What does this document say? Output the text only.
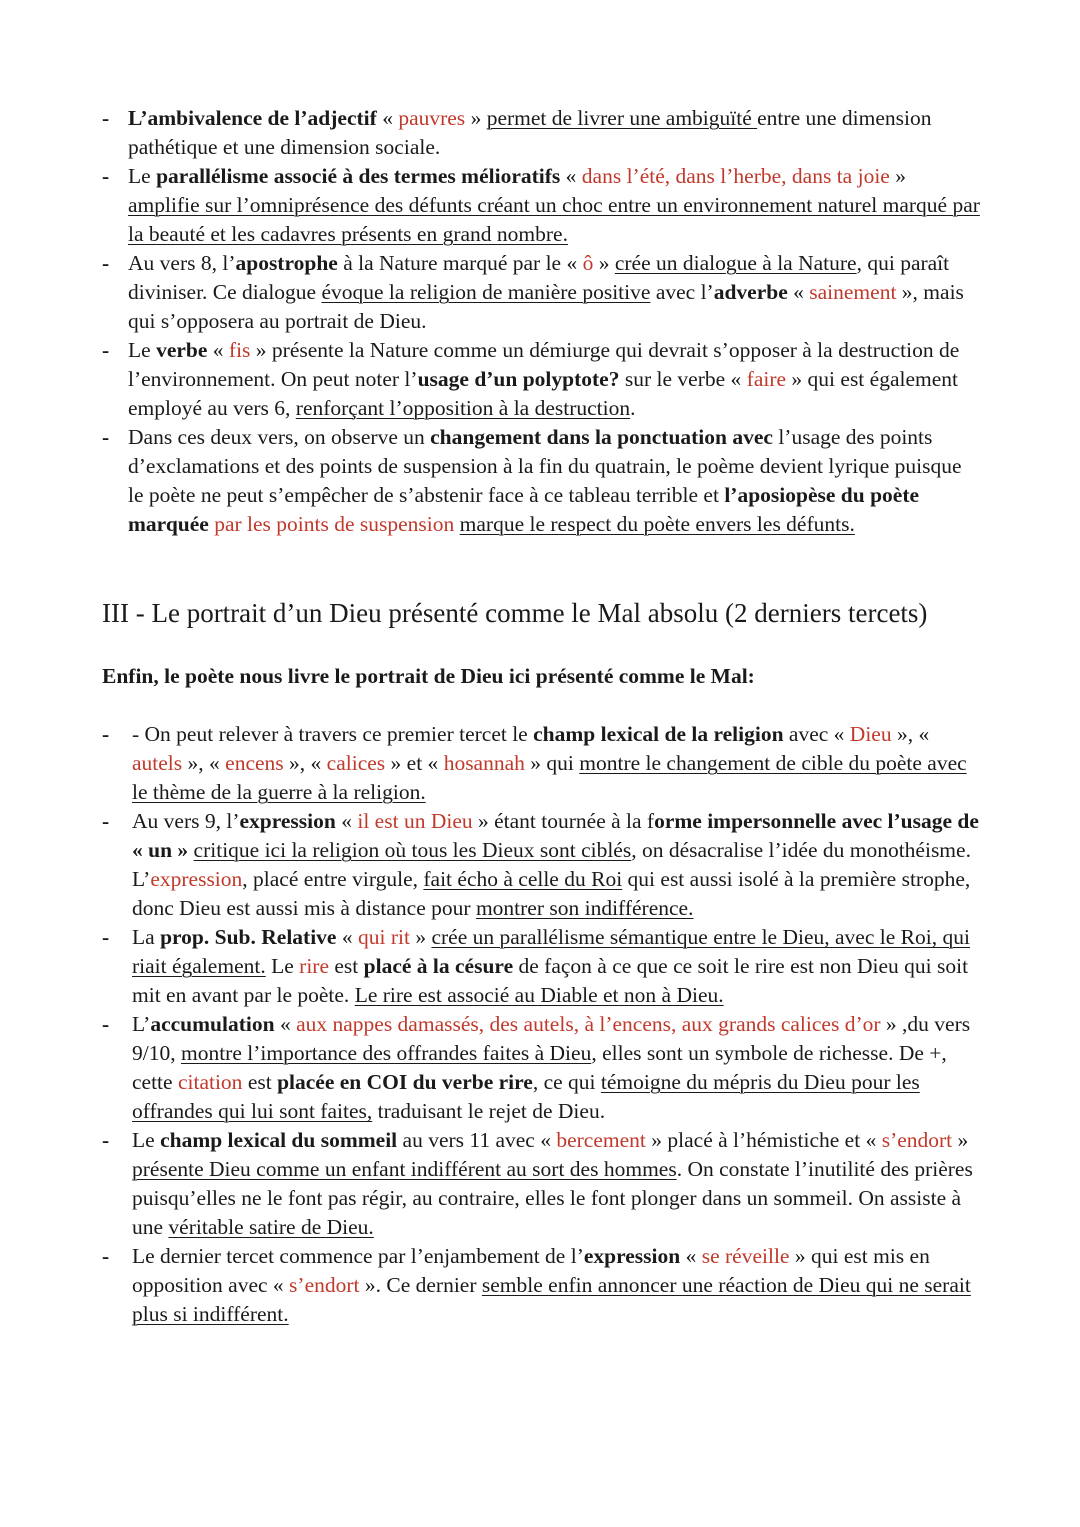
- L’ambivalence de l’adjectif « pauvres » permet de livrer une ambiguïté entre une dimension pathétique et une dimension sociale.
- Le parallélisme associé à des termes mélioratifs « dans l’été, dans l’herbe, dans ta joie » amplifie sur l’omniprésence des défunts créant un choc entre un environnement naturel marqué par la beauté et les cadavres présents en grand nombre.
- Au vers 8, l’apostrophe à la Nature marqué par le « ô » crée un dialogue à la Nature, qui paraît diviniser. Ce dialogue évoque la religion de manière positive avec l’adverbe « sainement », mais qui s’opposera au portrait de Dieu.
- Le verbe « fis » présente la Nature comme un démiurge qui devrait s’opposer à la destruction de l’environnement. On peut noter l’usage d’un polyptote? sur le verbe « faire » qui est également employé au vers 6, renforçant l’opposition à la destruction.
- Dans ces deux vers, on observe un changement dans la ponctuation avec l’usage des points d’exclamations et des points de suspension à la fin du quatrain, le poème devient lyrique puisque le poète ne peut s’empêcher de s’abstenir face à ce tableau terrible et l’aposiopèse du poète marquée par les points de suspension marque le respect du poète envers les défunts.
III - Le portrait d’un Dieu présenté comme le Mal absolu (2 derniers tercets)

Enfin, le poète nous livre le portrait de Dieu ici présenté comme le Mal:

- - On peut relever à travers ce premier tercet le champ lexical de la religion avec « Dieu », « autels », « encens », « calices » et « hosannah » qui montre le changement de cible du poète avec le thème de la guerre à la religion.
- Au vers 9, l’expression « il est un Dieu » étant tournée à la forme impersonnelle avec l’usage de « un » critique ici la religion où tous les Dieux sont ciblés, on désacralise l’idée du monothéisme. L’expression, placé entre virgule, fait écho à celle du Roi qui est aussi isolé à la première strophe, donc Dieu est aussi mis à distance pour montrer son indifférence.
- La prop. Sub. Relative « qui rit » crée un parallélisme sémantique entre le Dieu, avec le Roi, qui riait également. Le rire est placé à la césure de façon à ce que ce soit le rire est non Dieu qui soit mit en avant par le poète. Le rire est associé au Diable et non à Dieu.
- L’accumulation « aux nappes damassés, des autels, à l’encens, aux grands calices d’or » ,du vers 9/10, montre l’importance des offrandes faites à Dieu, elles sont un symbole de richesse. De +, cette citation est placée en COI du verbe rire, ce qui témoigne du mépris du Dieu pour les offrandes qui lui sont faites, traduisant le rejet de Dieu.
- Le champ lexical du sommeil au vers 11 avec « bercement » placé à l’hémistiche et « s’endort » présente Dieu comme un enfant indifférent au sort des hommes. On constate l’inutilité des prières puisqu’elles ne le font pas régir, au contraire, elles le font plonger dans un sommeil. On assiste à une véritable satire de Dieu.
- Le dernier tercet commence par l’enjambement de l’expression « se réveille » qui est mis en opposition avec « s’endort ». Ce dernier semble enfin annoncer une réaction de Dieu qui ne serait plus si indifférent.
